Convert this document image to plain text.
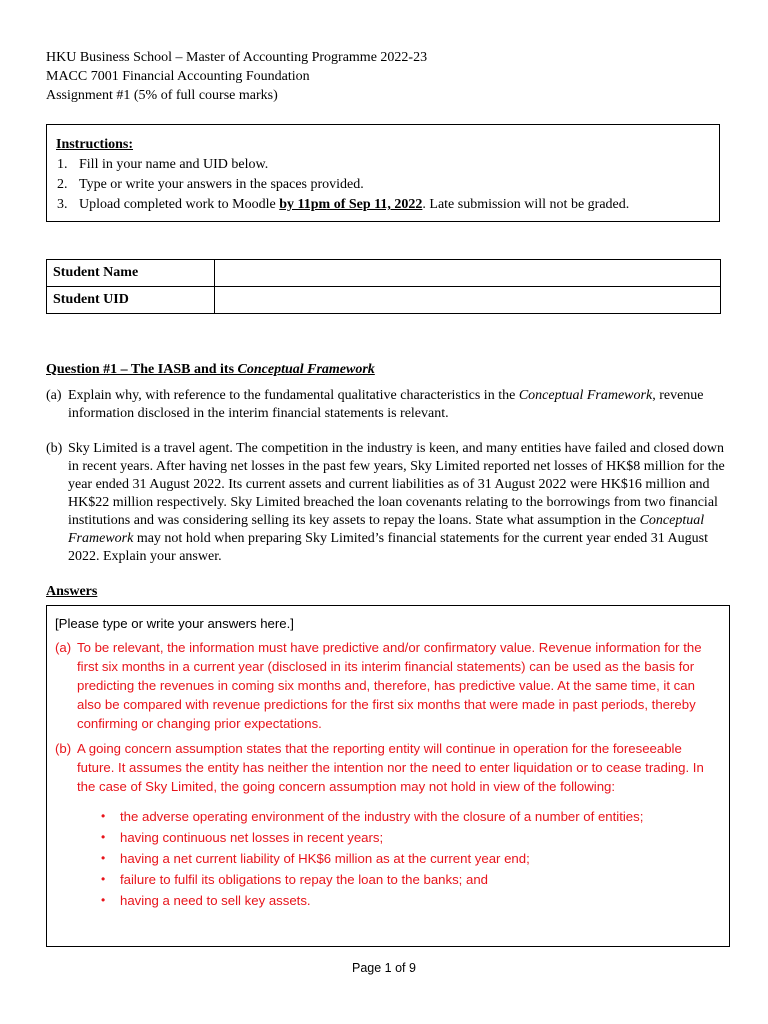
HKU Business School – Master of Accounting Programme 2022-23
MACC 7001 Financial Accounting Foundation
Assignment #1 (5% of full course marks)
Instructions:
1. Fill in your name and UID below.
2. Type or write your answers in the spaces provided.
3. Upload completed work to Moodle by 11pm of Sep 11, 2022. Late submission will not be graded.
Student Name	
Student UID	
Question #1 – The IASB and its Conceptual Framework
(a) Explain why, with reference to the fundamental qualitative characteristics in the Conceptual Framework, revenue information disclosed in the interim financial statements is relevant.
(b) Sky Limited is a travel agent. The competition in the industry is keen, and many entities have failed and closed down in recent years. After having net losses in the past few years, Sky Limited reported net losses of HK$8 million for the year ended 31 August 2022. Its current assets and current liabilities as of 31 August 2022 were HK$16 million and HK$22 million respectively. Sky Limited breached the loan covenants relating to the borrowings from two financial institutions and was considering selling its key assets to repay the loans. State what assumption in the Conceptual Framework may not hold when preparing Sky Limited’s financial statements for the current year ended 31 August 2022. Explain your answer.
Answers
[Please type or write your answers here.]
(a) To be relevant, the information must have predictive and/or confirmatory value. Revenue information for the first six months in a current year (disclosed in its interim financial statements) can be used as the basis for predicting the revenues in coming six months and, therefore, has predictive value. At the same time, it can also be compared with revenue predictions for the first six months that were made in past periods, thereby confirming or changing prior expectations.
(b) A going concern assumption states that the reporting entity will continue in operation for the foreseeable future. It assumes the entity has neither the intention nor the need to enter liquidation or to cease trading. In the case of Sky Limited, the going concern assumption may not hold in view of the following:
• the adverse operating environment of the industry with the closure of a number of entities;
• having continuous net losses in recent years;
• having a net current liability of HK$6 million as at the current year end;
• failure to fulfil its obligations to repay the loan to the banks; and
• having a need to sell key assets.
Page 1 of 9
